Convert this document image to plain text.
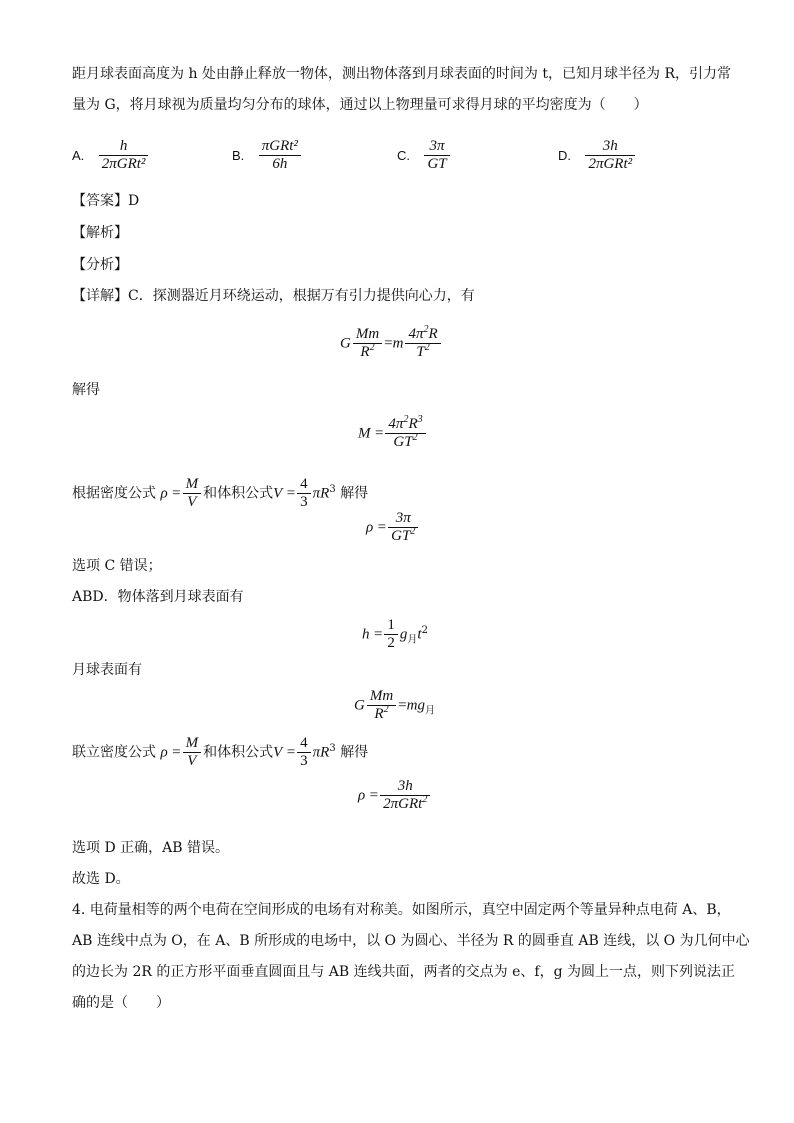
距月球表面高度为 h 处由静止释放一物体，测出物体落到月球表面的时间为 t，已知月球半径为 R，引力常
量为 G，将月球视为质量均匀分布的球体，通过以上物理量可求得月球的平均密度为（　　）
A. $\frac{h}{\text{2πGRt²}}$	B. $\frac{\text{πGRt²}}{6h}$	C. $\frac{3\pi}{GT}$	D. $\frac{3h}{\text{2πGRt²}}$
【答案】D
【解析】
【分析】
【详解】C．探测器近月环绕运动，根据万有引力提供向心力，有
G $\frac{Mm}{R^2} =m \frac{4\pi^2R}{T^2}$
解得
$M = \frac{4\pi^2R^3}{GT^2}$
根据密度公式 $\rho = \frac{M}{V}$ 和体积公式$V = \frac{4}{3} \pi R^3$ 解得
$\rho = \frac{3\pi}{GT^2}$
选项 C 错误；
ABD．物体落到月球表面有
$h = \frac{1}{2} g_月t^2$
月球表面有
G $\frac{Mm}{R^2} =mg_月$
联立密度公式 $\rho = \frac{M}{V}$ 和体积公式$V = \frac{4}{3} \pi R^3$ 解得
$\rho = \frac{3h}{2\pi GRt^2}$
选项 D 正确，AB 错误。
故选 D。
4. 电荷量相等的两个电荷在空间形成的电场有对称美。如图所示，真空中固定两个等量异种点电荷 A、B，
AB 连线中点为 O，在 A、B 所形成的电场中，以 O 为圆心、半径为 R 的圆垂直 AB 连线，以 O 为几何中心
的边长为 2R 的正方形平面垂直圆面且与 AB 连线共面，两者的交点为 e、f，g 为圆上一点，则下列说法正
确的是（　　）
